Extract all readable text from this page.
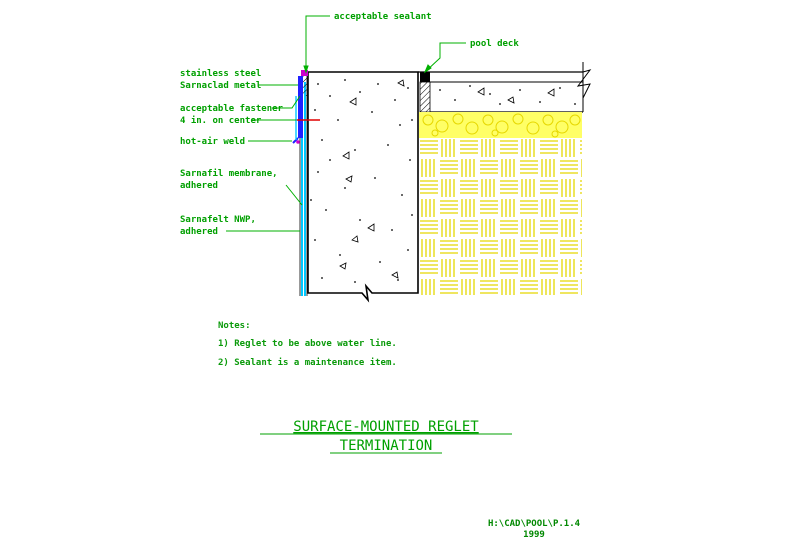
acceptable sealant
pool deck
stainless steel
Sarnaclad metal
acceptable fastener
4 in. on center
hot-air weld
Sarnafil membrane,
adhered
Sarnafelt NWP,
adhered
Notes:
1) Reglet to be above water line.
2) Sealant is a maintenance item.
SURFACE-MOUNTED REGLET
TERMINATION
H:\CAD\POOL\P.1.4
1999
